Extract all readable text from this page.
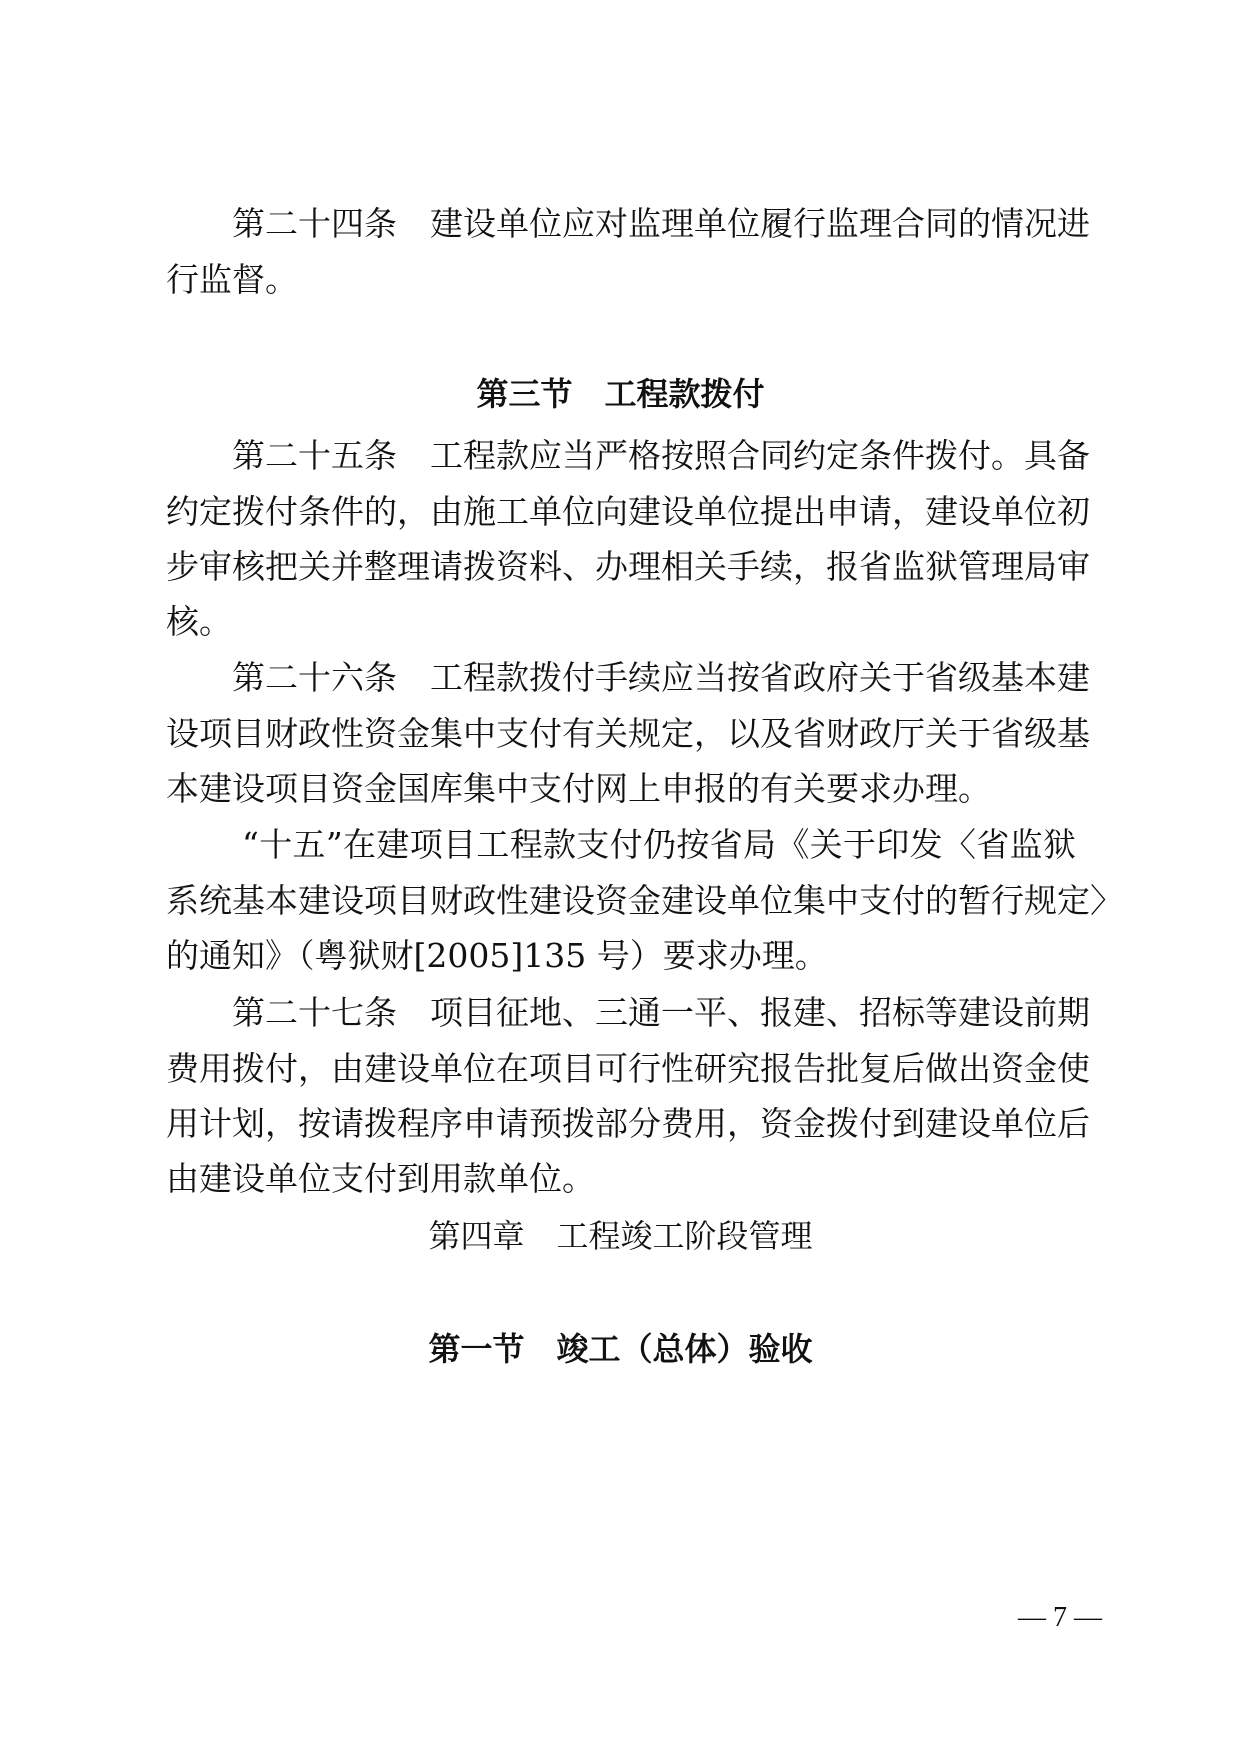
第二十四条　建设单位应对监理单位履行监理合同的情况进
行监督。
第三节　工程款拨付
第二十五条　工程款应当严格按照合同约定条件拨付。具备
约定拨付条件的，由施工单位向建设单位提出申请，建设单位初
步审核把关并整理请拨资料、办理相关手续，报省监狱管理局审
核。
第二十六条　工程款拨付手续应当按省政府关于省级基本建
设项目财政性资金集中支付有关规定，以及省财政厅关于省级基
本建设项目资金国库集中支付网上申报的有关要求办理。
“十五”在建项目工程款支付仍按省局《关于印发〈省监狱
系统基本建设项目财政性建设资金建设单位集中支付的暂行规定〉
的通知》（粤狱财[2005]135 号）要求办理。
第二十七条　项目征地、三通一平、报建、招标等建设前期
费用拨付，由建设单位在项目可行性研究报告批复后做出资金使
用计划，按请拨程序申请预拨部分费用，资金拨付到建设单位后
由建设单位支付到用款单位。
第四章　工程竣工阶段管理
第一节　竣工（总体）验收
— 7 —
